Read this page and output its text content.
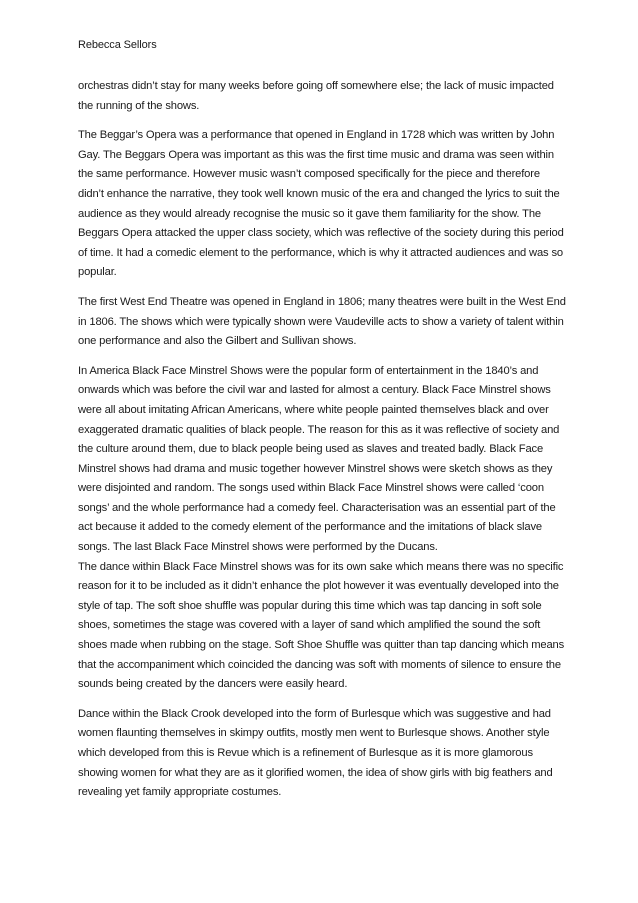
Rebecca Sellors

orchestras didn’t stay for many weeks before going off somewhere else; the lack of music impacted the running of the shows.

The Beggar’s Opera was a performance that opened in England in 1728 which was written by John Gay. The Beggars Opera was important as this was the first time music and drama was seen within the same performance. However music wasn’t composed specifically for the piece and therefore didn’t enhance the narrative, they took well known music of the era and changed the lyrics to suit the audience as they would already recognise the music so it gave them familiarity for the show. The Beggars Opera attacked the upper class society, which was reflective of the society during this period of time. It had a comedic element to the performance, which is why it attracted audiences and was so popular.

The first West End Theatre was opened in England in 1806; many theatres were built in the West End in 1806. The shows which were typically shown were Vaudeville acts to show a variety of talent within one performance and also the Gilbert and Sullivan shows.

In America Black Face Minstrel Shows were the popular form of entertainment in the 1840’s and onwards which was before the civil war and lasted for almost a century. Black Face Minstrel shows were all about imitating African Americans, where white people painted themselves black and over exaggerated dramatic qualities of black people. The reason for this as it was reflective of society and the culture around them, due to black people being used as slaves and treated badly. Black Face Minstrel shows had drama and music together however Minstrel shows were sketch shows as they were disjointed and random. The songs used within Black Face Minstrel shows were called ‘coon songs’ and the whole performance had a comedy feel. Characterisation was an essential part of the act because it added to the comedy element of the performance and the imitations of black slave songs. The last Black Face Minstrel shows were performed by the Ducans.

The dance within Black Face Minstrel shows was for its own sake which means there was no specific reason for it to be included as it didn’t enhance the plot however it was eventually developed into the style of tap. The soft shoe shuffle was popular during this time which was tap dancing in soft sole shoes, sometimes the stage was covered with a layer of sand which amplified the sound the soft shoes made when rubbing on the stage. Soft Shoe Shuffle was quitter than tap dancing which means that the accompaniment which coincided the dancing was soft with moments of silence to ensure the sounds being created by the dancers were easily heard.

Dance within the Black Crook developed into the form of Burlesque which was suggestive and had women flaunting themselves in skimpy outfits, mostly men went to Burlesque shows. Another style which developed from this is Revue which is a refinement of Burlesque as it is more glamorous showing women for what they are as it glorified women, the idea of show girls with big feathers and revealing yet family appropriate costumes.
